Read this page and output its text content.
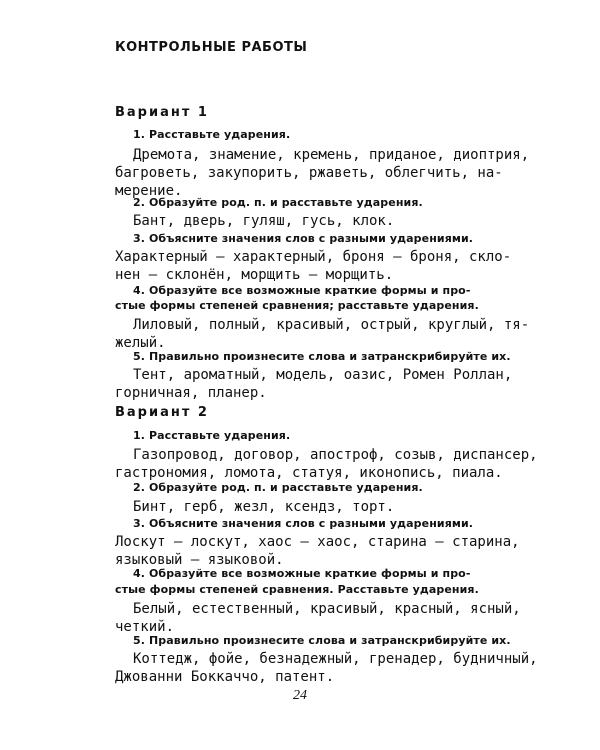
КОНТРОЛЬНЫЕ РАБОТЫ
Вариант 1
1. Расставьте ударения.
Дремота, знамение, кремень, приданое, диоптрия,
багроветь, закупорить, ржаветь, облегчить, на-
мерение.
2. Образуйте род. п. и расставьте ударения.
Бант, дверь, гуляш, гусь, клок.
3. Объясните значения слов с разными ударениями.
Характерный — характерный, броня — броня, скло-
нен — склонён, морщить — морщить.
4. Образуйте все возможные краткие формы и про-
стые формы степеней сравнения; расставьте ударения.
Лиловый, полный, красивый, острый, круглый, тя-
желый.
5. Правильно произнесите слова и затранскрибируйте их.
Тент, ароматный, модель, оазис, Ромен Роллан,
горничная, планер.
Вариант 2
1. Расставьте ударения.
Газопровод, договор, апостроф, созыв, диспансер,
гастрономия, ломота, статуя, иконопись, пиала.
2. Образуйте род. п. и расставьте ударения.
Бинт, герб, жезл, ксендз, торт.
3. Объясните значения слов с разными ударениями.
Лоскут — лоскут, хаос — хаос, старина — старина,
языковый — языковой.
4. Образуйте все возможные краткие формы и про-
стые формы степеней сравнения. Расставьте ударения.
Белый, естественный, красивый, красный, ясный,
четкий.
5. Правильно произнесите слова и затранскрибируйте их.
Коттедж, фойе, безнадежный, гренадер, будничный,
Джованни Боккаччо, патент.
24
